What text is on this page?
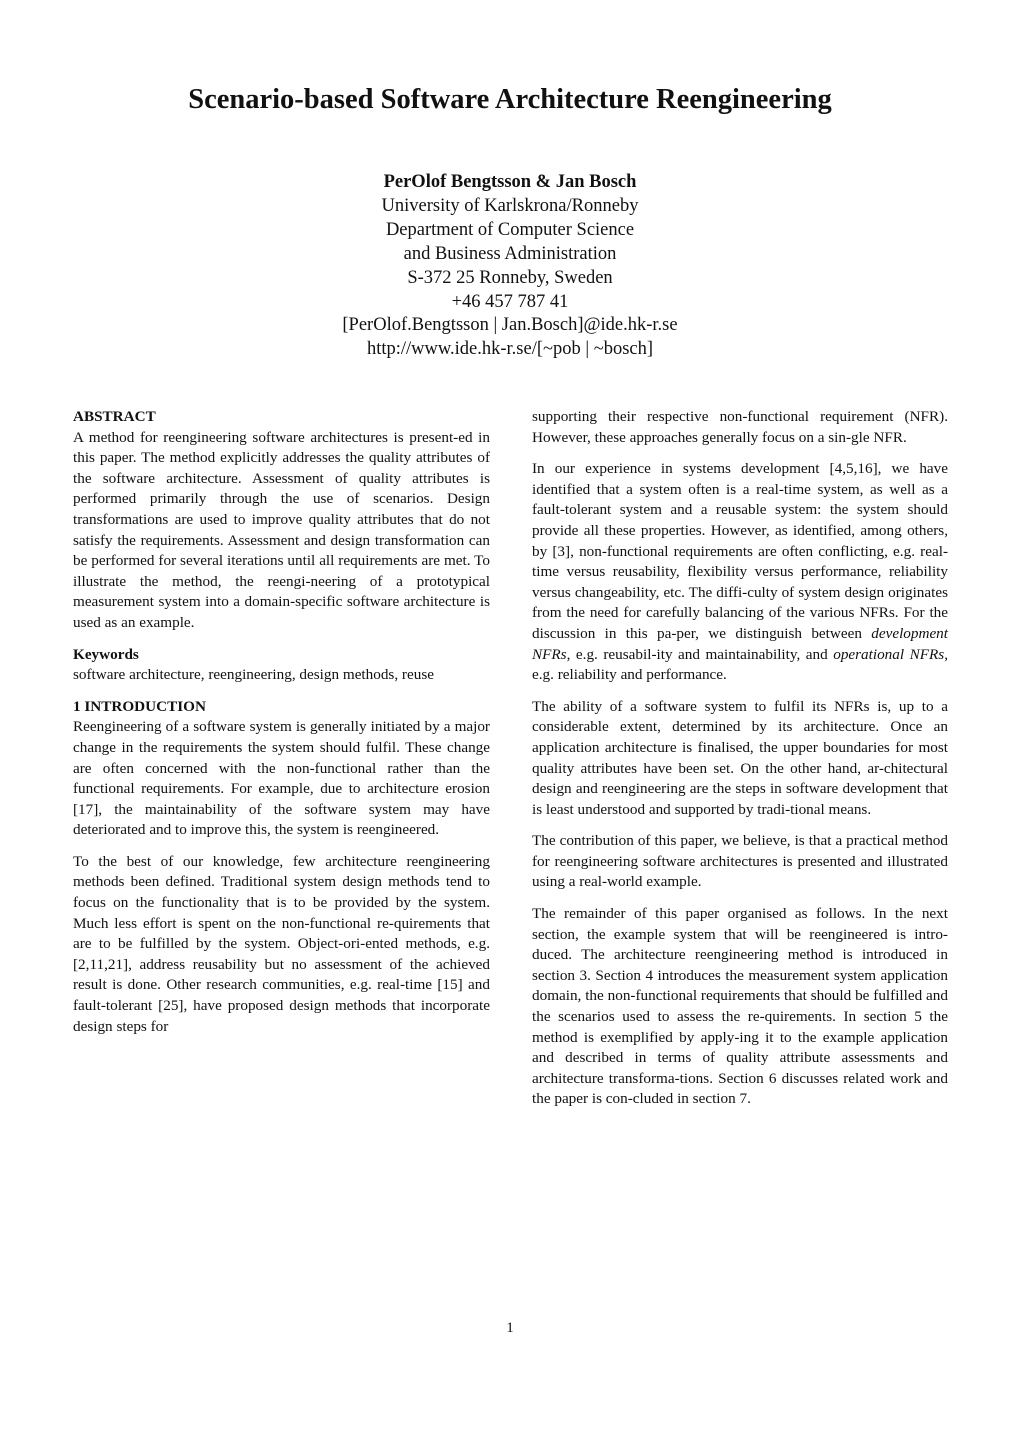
Scenario-based Software Architecture Reengineering
PerOlof Bengtsson & Jan Bosch
University of Karlskrona/Ronneby
Department of Computer Science
and Business Administration
S-372 25 Ronneby, Sweden
+46 457 787 41
[PerOlof.Bengtsson | Jan.Bosch]@ide.hk-r.se
http://www.ide.hk-r.se/[~pob | ~bosch]
ABSTRACT

A method for reengineering software architectures is present-ed in this paper. The method explicitly addresses the quality attributes of the software architecture. Assessment of quality attributes is performed primarily through the use of scenarios. Design transformations are used to improve quality attributes that do not satisfy the requirements. Assessment and design transformation can be performed for several iterations until all requirements are met. To illustrate the method, the reengi-neering of a prototypical measurement system into a domain-specific software architecture is used as an example.

Keywords

software architecture, reengineering, design methods, reuse

1 INTRODUCTION

Reengineering of a software system is generally initiated by a major change in the requirements the system should fulfil. These change are often concerned with the non-functional rather than the functional requirements. For example, due to architecture erosion [17], the maintainability of the software system may have deteriorated and to improve this, the system is reengineered.

To the best of our knowledge, few architecture reengineering methods been defined. Traditional system design methods tend to focus on the functionality that is to be provided by the system. Much less effort is spent on the non-functional re-quirements that are to be fulfilled by the system. Object-ori-ented methods, e.g. [2,11,21], address reusability but no assessment of the achieved result is done. Other research communities, e.g. real-time [15] and fault-tolerant [25], have proposed design methods that incorporate design steps for

supporting their respective non-functional requirement (NFR). However, these approaches generally focus on a sin-gle NFR.

In our experience in systems development [4,5,16], we have identified that a system often is a real-time system, as well as a fault-tolerant system and a reusable system: the system should provide all these properties. However, as identified, among others, by [3], non-functional requirements are often conflicting, e.g. real-time versus reusability, flexibility versus performance, reliability versus changeability, etc. The diffi-culty of system design originates from the need for carefully balancing of the various NFRs. For the discussion in this pa-per, we distinguish between development NFRs, e.g. reusabil-ity and maintainability, and operational NFRs, e.g. reliability and performance.

The ability of a software system to fulfil its NFRs is, up to a considerable extent, determined by its architecture. Once an application architecture is finalised, the upper boundaries for most quality attributes have been set. On the other hand, ar-chitectural design and reengineering are the steps in software development that is least understood and supported by tradi-tional means.

The contribution of this paper, we believe, is that a practical method for reengineering software architectures is presented and illustrated using a real-world example.

The remainder of this paper organised as follows. In the next section, the example system that will be reengineered is intro-duced. The architecture reengineering method is introduced in section 3. Section 4 introduces the measurement system application domain, the non-functional requirements that should be fulfilled and the scenarios used to assess the re-quirements. In section 5 the method is exemplified by apply-ing it to the example application and described in terms of quality attribute assessments and architecture transforma-tions. Section 6 discusses related work and the paper is con-cluded in section 7.

1
